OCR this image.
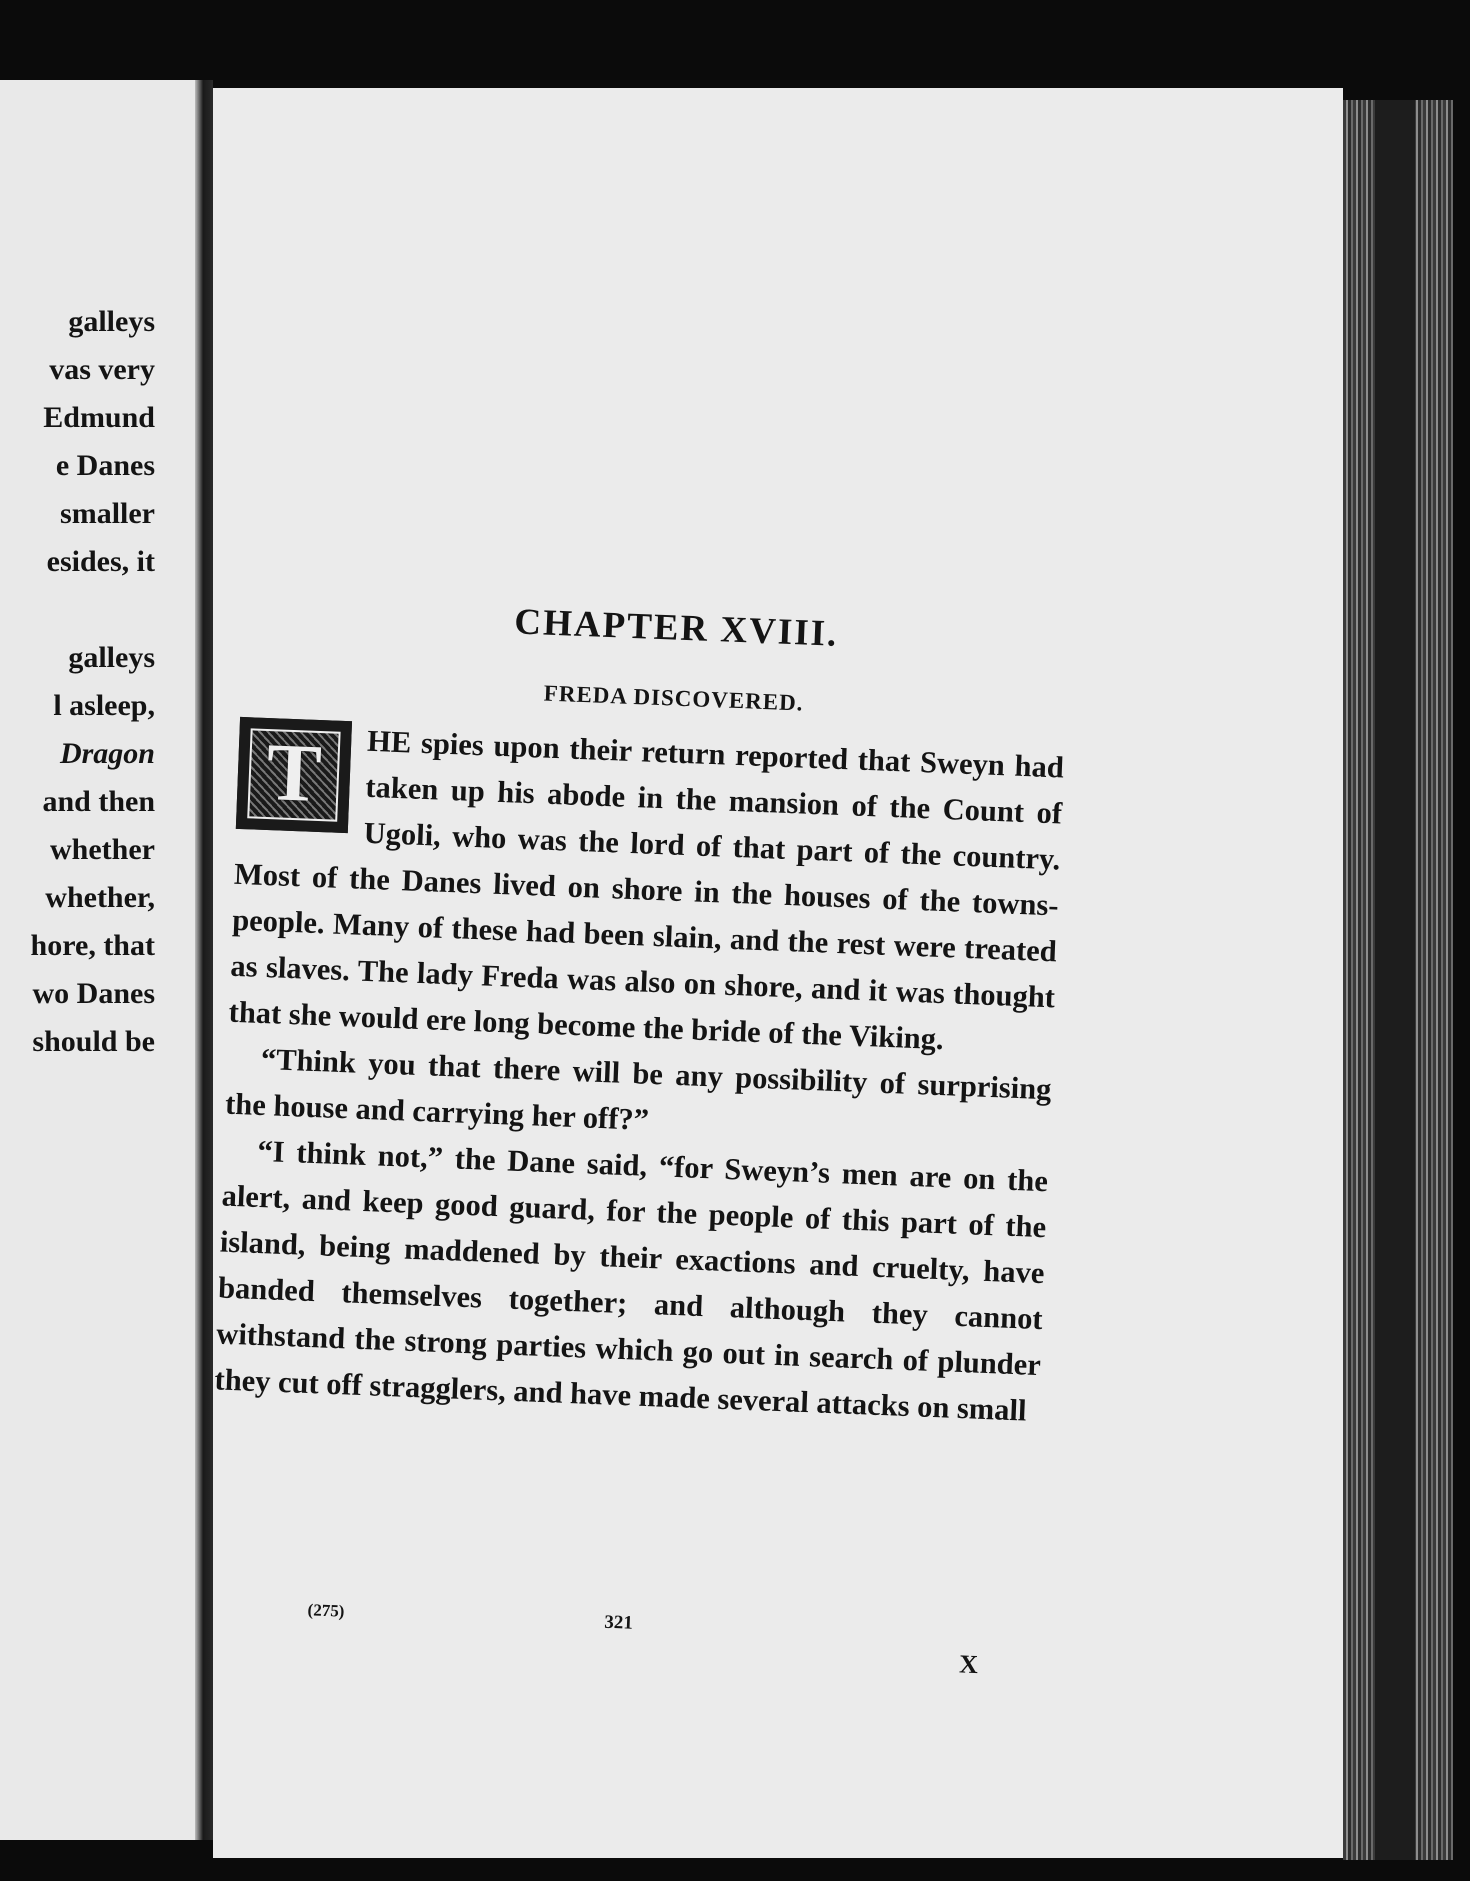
galleys
vas very
Edmund
e Danes
smaller
esides, it
galleys
l asleep,
Dragon
and then
whether
whether,
hore, that
wo Danes
should be
CHAPTER XVIII.
FREDA DISCOVERED.

T	HE spies upon their return reported that Sweyn had taken up his abode in the mansion of the Count of Ugoli, who was the lord of that part of the country. Most of the Danes lived on shore in the houses of the towns-people. Many of these had been slain, and the rest were treated as slaves. The lady Freda was also on shore, and it was thought that she would ere long become the bride of the Viking.

“Think you that there will be any possibility of surprising the house and carrying her off?”

“I think not,” the Dane said, “for Sweyn’s men are on the alert, and keep good guard, for the people of this part of the island, being maddened by their exactions and cruelty, have banded themselves together; and although they cannot withstand the strong parties which go out in search of plunder they cut off stragglers, and have made several attacks on small

(275)
321
X
